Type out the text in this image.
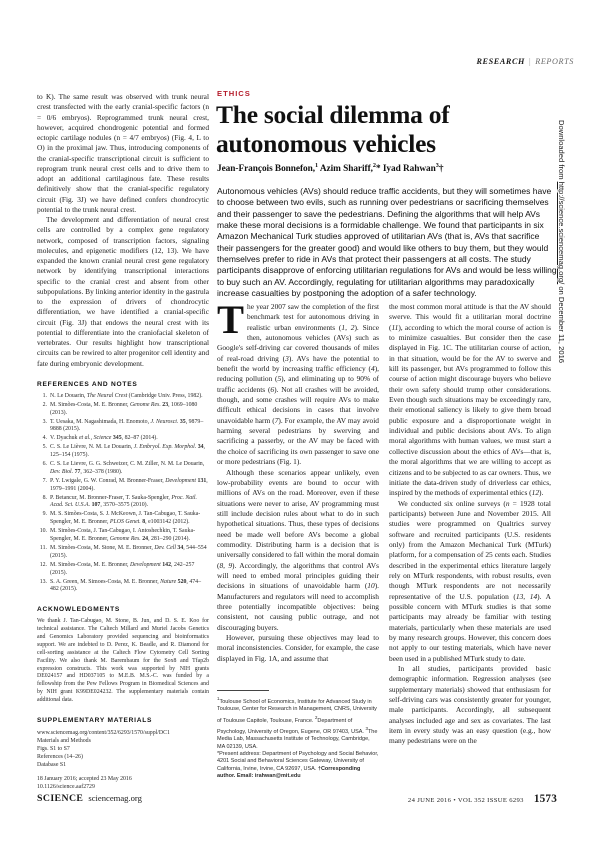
RESEARCH | REPORTS

to K). The same result was observed with trunk neural crest transfected with the early cranial-specific factors (n = 0/6 embryos). Reprogrammed trunk neural crest, however, acquired chondrogenic potential and formed ectopic cartilage nodules (n = 4/7 embryos) (Fig. 4, L to O) in the proximal jaw. Thus, introducing components of the cranial-specific transcriptional circuit is sufficient to reprogram trunk neural crest cells and to drive them to adopt an additional cartilaginous fate. These results definitively show that the cranial-specific regulatory circuit (Fig. 3J) we have defined confers chondrocytic potential to the trunk neural crest.

The development and differentiation of neural crest cells are controlled by a complex gene regulatory network, composed of transcription factors, signaling molecules, and epigenetic modifiers (12, 13). We have expanded the known cranial neural crest gene regulatory network by identifying transcriptional interactions specific to the cranial crest and absent from other subpopulations. By linking anterior identity in the gastrula to the expression of drivers of chondrocytic differentiation, we have identified a cranial-specific circuit (Fig. 3J) that endows the neural crest with its potential to differentiate into the craniofacial skeleton of vertebrates. Our results highlight how transcriptional circuits can be rewired to alter progenitor cell identity and fate during embryonic development.

REFERENCES AND NOTES
N. Le Douarin, The Neural Crest (Cambridge Univ. Press, 1982).
M. Simões-Costa, M. E. Bronner, Genome Res. 23, 1069–1080 (2013).
T. Uesaka, M. Nagashimada, H. Enomoto, J. Neurosci. 35, 9879–9888 (2015).
V. Dyachuk et al., Science 345, 82–87 (2014).
C. S. Le Lièvre, N. M. Le Douarin, J. Embryol. Exp. Morphol. 34, 125–154 (1975).
C. S. Le Lievre, G. G. Schweizer, C. M. Ziller, N. M. Le Douarin, Dev. Biol. 77, 362–378 (1980).
P. Y. Lwigale, G. W. Conrad, M. Bronner-Fraser, Development 131, 1979–1991 (2004).
P. Betancur, M. Bronner-Fraser, T. Sauka-Spengler, Proc. Natl. Acad. Sci. U.S.A. 107, 3570–3575 (2010).
M. S. Simões-Costa, S. J. McKeown, J. Tan-Cabugao, T. Sauka-Spengler, M. E. Bronner, PLOS Genet. 8, e1003142 (2012).
M. Simões-Costa, J. Tan-Cabugao, I. Antoshechkin, T. Sauka-Spengler, M. E. Bronner, Genome Res. 24, 281–290 (2014).
M. Simões-Costa, M. Stone, M. E. Bronner, Dev. Cell 34, 544–554 (2015).
M. Simões-Costa, M. E. Bronner, Development 142, 242–257 (2015).
S. A. Green, M. Simoes-Costa, M. E. Bronner, Nature 520, 474–482 (2015).
ACKNOWLEDGMENTS

We thank J. Tan-Cabugao, M. Stone, B. Jun, and D. S. E. Koo for technical assistance. The Caltech Millard and Muriel Jacobs Genetics and Genomics Laboratory provided sequencing and bioinformatics support. We are indebted to D. Perez, K. Beadle, and R. Diamond for cell-sorting assistance at the Caltech Flow Cytometry Cell Sorting Facility. We also thank M. Barembaum for the Sox8 and Tfap2b expression constructs. This work was supported by NIH grants DE024157 and HD037105 to M.E.B. M.S.-C. was funded by a fellowship from the Pew Fellows Program in Biomedical Sciences and by NIH grant K99DE024232. The supplementary materials contain additional data.

SUPPLEMENTARY MATERIALS
www.sciencemag.org/content/352/6293/1570/suppl/DC1
Materials and Methods
Figs. S1 to S7
References (14–26)
Database S1

18 January 2016; accepted 23 May 2016

10.1126/science.aaf2729

SCIENCE sciencemag.org
ETHICS
The social dilemma of
autonomous vehicles
Jean-François Bonnefon,$^1$ Azim Shariff,$^2$* Iyad Rahwan$^3$†
Autonomous vehicles (AVs) should reduce traffic accidents, but they will sometimes have to choose between two evils, such as running over pedestrians or sacrificing themselves and their passenger to save the pedestrians. Defining the algorithms that will help AVs make these moral decisions is a formidable challenge. We found that participants in six Amazon Mechanical Turk studies approved of utilitarian AVs (that is, AVs that sacrifice their passengers for the greater good) and would like others to buy them, but they would themselves prefer to ride in AVs that protect their passengers at all costs. The study participants disapprove of enforcing utilitarian regulations for AVs and would be less willing to buy such an AV. Accordingly, regulating for utilitarian algorithms may paradoxically increase casualties by postponing the adoption of a safer technology.

The year 2007 saw the completion of the first benchmark test for autonomous driving in realistic urban environments (1, 2). Since then, autonomous vehicles (AVs) such as Google's self-driving car covered thousands of miles of real-road driving (3). AVs have the potential to benefit the world by increasing traffic efficiency (4), reducing pollution (5), and eliminating up to 90% of traffic accidents (6). Not all crashes will be avoided, though, and some crashes will require AVs to make difficult ethical decisions in cases that involve unavoidable harm (7). For example, the AV may avoid harming several pedestrians by swerving and sacrificing a passerby, or the AV may be faced with the choice of sacrificing its own passenger to save one or more pedestrians (Fig. 1).

Although these scenarios appear unlikely, even low-probability events are bound to occur with millions of AVs on the road. Moreover, even if these situations were never to arise, AV programming must still include decision rules about what to do in such hypothetical situations. Thus, these types of decisions need be made well before AVs become a global commodity. Distributing harm is a decision that is universally considered to fall within the moral domain (8, 9). Accordingly, the algorithms that control AVs will need to embed moral principles guiding their decisions in situations of unavoidable harm (10). Manufacturers and regulators will need to accomplish three potentially incompatible objectives: being consistent, not causing public outrage, and not discouraging buyers.

However, pursuing these objectives may lead to moral inconsistencies. Consider, for example, the case displayed in Fig. 1A, and assume that

the most common moral attitude is that the AV should swerve. This would fit a utilitarian moral doctrine (11), according to which the moral course of action is to minimize casualties. But consider then the case displayed in Fig. 1C. The utilitarian course of action, in that situation, would be for the AV to swerve and kill its passenger, but AVs programmed to follow this course of action might discourage buyers who believe their own safety should trump other considerations. Even though such situations may be exceedingly rare, their emotional saliency is likely to give them broad public exposure and a disproportionate weight in individual and public decisions about AVs. To align moral algorithms with human values, we must start a collective discussion about the ethics of AVs—that is, the moral algorithms that we are willing to accept as citizens and to be subjected to as car owners. Thus, we initiate the data-driven study of driverless car ethics, inspired by the methods of experimental ethics (12).

We conducted six online surveys (n = 1928 total participants) between June and November 2015. All studies were programmed on Qualtrics survey software and recruited participants (U.S. residents only) from the Amazon Mechanical Turk (MTurk) platform, for a compensation of 25 cents each. Studies described in the experimental ethics literature largely rely on MTurk respondents, with robust results, even though MTurk respondents are not necessarily representative of the U.S. population (13, 14). A possible concern with MTurk studies is that some participants may already be familiar with testing materials, particularly when these materials are used by many research groups. However, this concern does not apply to our testing materials, which have never been used in a published MTurk study to date.

In all studies, participants provided basic demographic information. Regression analyses (see supplementary materials) showed that enthusiasm for self-driving cars was consistently greater for younger, male participants. Accordingly, all subsequent analyses included age and sex as covariates. The last item in every study was an easy question (e.g., how many pedestrians were on the

$^1$Toulouse School of Economics, Institute for Advanced Study in Toulouse, Center for Research in Management, CNRS, University of Toulouse Capitole, Toulouse, France. $^2$Department of Psychology, University of Oregon, Eugene, OR 97403, USA. $^3$The Media Lab, Massachusetts Institute of Technology, Cambridge, MA 02139, USA.
*Present address: Department of Psychology and Social Behavior, 4201 Social and Behavioral Sciences Gateway, University of California, Irvine, Irvine, CA 92697, USA. †Corresponding author. Email: irahwan@mit.edu
24 JUNE 2016 • VOL 352 ISSUE 6293 1573
Downloaded from http://science.sciencemag.org/ on December 11, 2016
